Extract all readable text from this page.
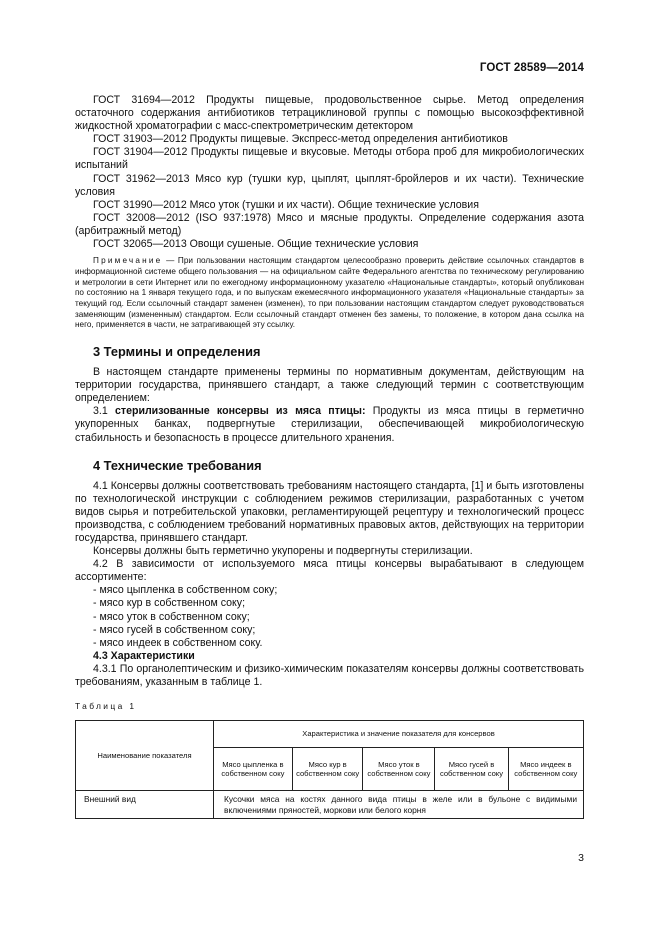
ГОСТ 28589—2014

ГОСТ 31694—2012 Продукты пищевые, продовольственное сырье. Метод определения остаточного содержания антибиотиков тетрациклиновой группы с помощью высокоэффективной жидкостной хроматографии с масс-спектрометрическим детектором

ГОСТ 31903—2012 Продукты пищевые. Экспресс-метод определения антибиотиков

ГОСТ 31904—2012 Продукты пищевые и вкусовые. Методы отбора проб для микробиологических испытаний

ГОСТ 31962—2013 Мясо кур (тушки кур, цыплят, цыплят-бройлеров и их части). Технические условия

ГОСТ 31990—2012 Мясо уток (тушки и их части). Общие технические условия

ГОСТ 32008—2012 (ISO 937:1978) Мясо и мясные продукты. Определение содержания азота (арбитражный метод)

ГОСТ 32065—2013 Овощи сушеные. Общие технические условия

Примечание — При пользовании настоящим стандартом целесообразно проверить действие ссылочных стандартов в информационной системе общего пользования — на официальном сайте Федерального агентства по техническому регулированию и метрологии в сети Интернет или по ежегодному информационному указателю «Национальные стандарты», который опубликован по состоянию на 1 января текущего года, и по выпускам ежемесячного информационного указателя «Национальные стандарты» за текущий год. Если ссылочный стандарт заменен (изменен), то при пользовании настоящим стандартом следует руководствоваться заменяющим (измененным) стандартом. Если ссылочный стандарт отменен без замены, то положение, в котором дана ссылка на него, применяется в части, не затрагивающей эту ссылку.

3 Термины и определения

В настоящем стандарте применены термины по нормативным документам, действующим на территории государства, принявшего стандарт, а также следующий термин с соответствующим определением:

3.1 стерилизованные консервы из мяса птицы: Продукты из мяса птицы в герметично укупоренных банках, подвергнутые стерилизации, обеспечивающей микробиологическую стабильность и безопасность в процессе длительного хранения.

4 Технические требования

4.1 Консервы должны соответствовать требованиям настоящего стандарта, [1] и быть изготовлены по технологической инструкции с соблюдением режимов стерилизации, разработанных с учетом видов сырья и потребительской упаковки, регламентирующей рецептуру и технологический процесс производства, с соблюдением требований нормативных правовых актов, действующих на территории государства, принявшего стандарт.

Консервы должны быть герметично укупорены и подвергнуты стерилизации.

4.2 В зависимости от используемого мяса птицы консервы вырабатывают в следующем ассортименте:

- мясо цыпленка в собственном соку;
- мясо кур в собственном соку;
- мясо уток в собственном соку;
- мясо гусей в собственном соку;
- мясо индеек в собственном соку.
4.3 Характеристики

4.3.1 По органолептическим и физико-химическим показателям консервы должны соответствовать требованиям, указанным в таблице 1.

Таблица 1
Наименование показателя	Характеристика и значение показателя для консервов				
	Мясо цыпленка в собственном соку	Мясо кур в собственном соку	Мясо уток в собственном соку	Мясо гусей в собственном соку	Мясо индеек в собственном соку
Внешний вид	Кусочки мяса на костях данного вида птицы в желе или в бульоне с видимыми включениями пряностей, моркови или белого корня				
3
